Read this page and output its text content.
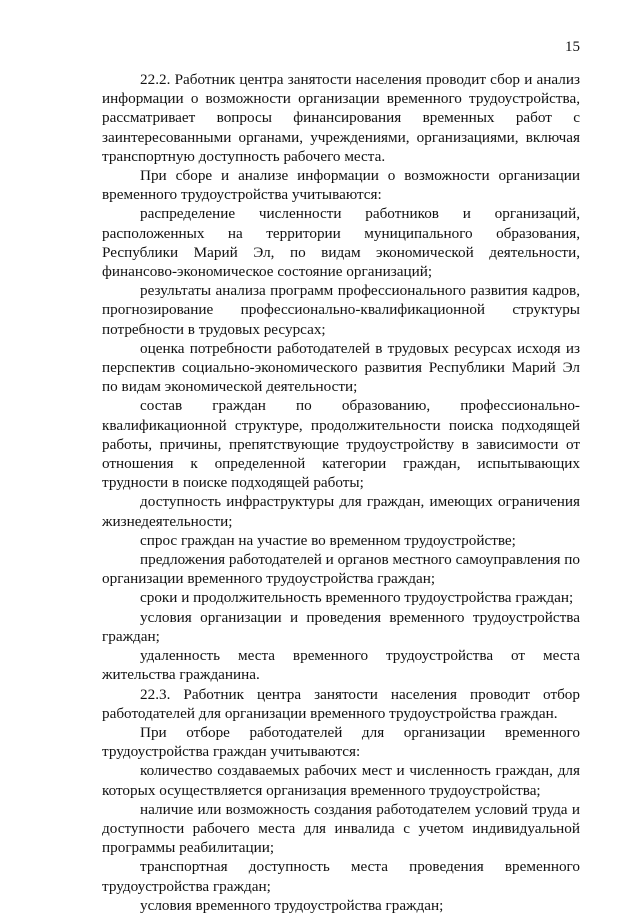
15

22.2. Работник центра занятости населения проводит сбор и анализ информации о возможности организации временного трудоустройства, рассматривает вопросы финансирования временных работ с заинтересованными органами, учреждениями, организациями, включая транспортную доступность рабочего места.

При сборе и анализе информации о возможности организации временного трудоустройства учитываются:

распределение численности работников и организаций, расположенных на территории муниципального образования, Республики Марий Эл, по видам экономической деятельности, финансово-экономическое состояние организаций;

результаты анализа программ профессионального развития кадров, прогнозирование профессионально-квалификационной структуры потребности в трудовых ресурсах;

оценка потребности работодателей в трудовых ресурсах исходя из перспектив социально-экономического развития Республики Марий Эл по видам экономической деятельности;

состав граждан по образованию, профессионально-квалификационной структуре, продолжительности поиска подходящей работы, причины, препятствующие трудоустройству в зависимости от отношения к определенной категории граждан, испытывающих трудности в поиске подходящей работы;

доступность инфраструктуры для граждан, имеющих ограничения жизнедеятельности;

спрос граждан на участие во временном трудоустройстве;

предложения работодателей и органов местного самоуправления по организации временного трудоустройства граждан;

сроки и продолжительность временного трудоустройства граждан;

условия организации и проведения временного трудоустройства граждан;

удаленность места временного трудоустройства от места жительства гражданина.

22.3. Работник центра занятости населения проводит отбор работодателей для организации временного трудоустройства граждан.

При отборе работодателей для организации временного трудоустройства граждан учитываются:

количество создаваемых рабочих мест и численность граждан, для которых осуществляется организация временного трудоустройства;

наличие или возможность создания работодателем условий труда и доступности рабочего места для инвалида с учетом индивидуальной программы реабилитации;

транспортная доступность места проведения временного трудоустройства граждан;

условия временного трудоустройства граждан;
